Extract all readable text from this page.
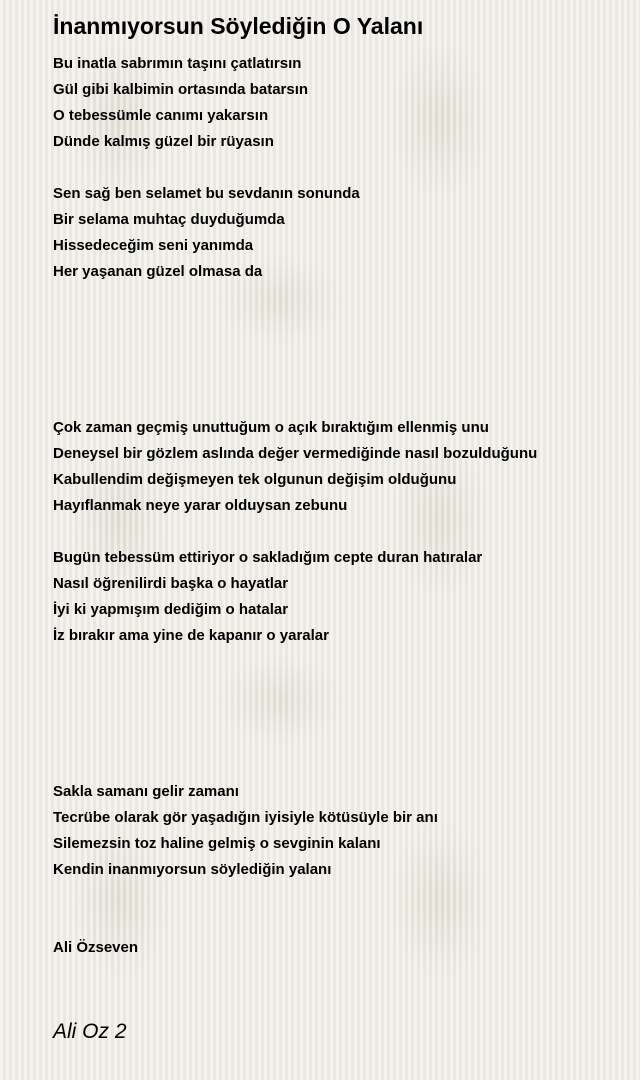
İnanmıyorsun Söylediğin O Yalanı
Bu inatla sabrımın taşını çatlatırsın
Gül gibi kalbimin ortasında batarsın
O tebessümle canımı yakarsın
Dünde kalmış güzel bir rüyasın
Sen sağ ben selamet bu sevdanın sonunda
Bir selama muhtaç duyduğumda
Hissedeceğim seni yanımda
Her yaşanan güzel olmasa da
Çok zaman geçmiş unuttuğum o açık bıraktığım ellenmiş unu
Deneysel bir gözlem aslında değer vermediğinde nasıl bozulduğunu
Kabullendim değişmeyen tek olgunun değişim olduğunu
Hayıflanmak neye yarar olduysan zebunu
Bugün tebessüm ettiriyor o sakladığım cepte duran hatıralar
Nasıl öğrenilirdi başka o hayatlar
İyi ki yapmışım dediğim o hatalar
İz bırakır ama yine de kapanır o yaralar
Sakla samanı gelir zamanı
Tecrübe olarak gör yaşadığın iyisiyle kötüsüyle bir anı
Silemezsin toz haline gelmiş o sevginin kalanı
Kendin inanmıyorsun söylediğin yalanı
Ali Özseven
Ali Oz 2
